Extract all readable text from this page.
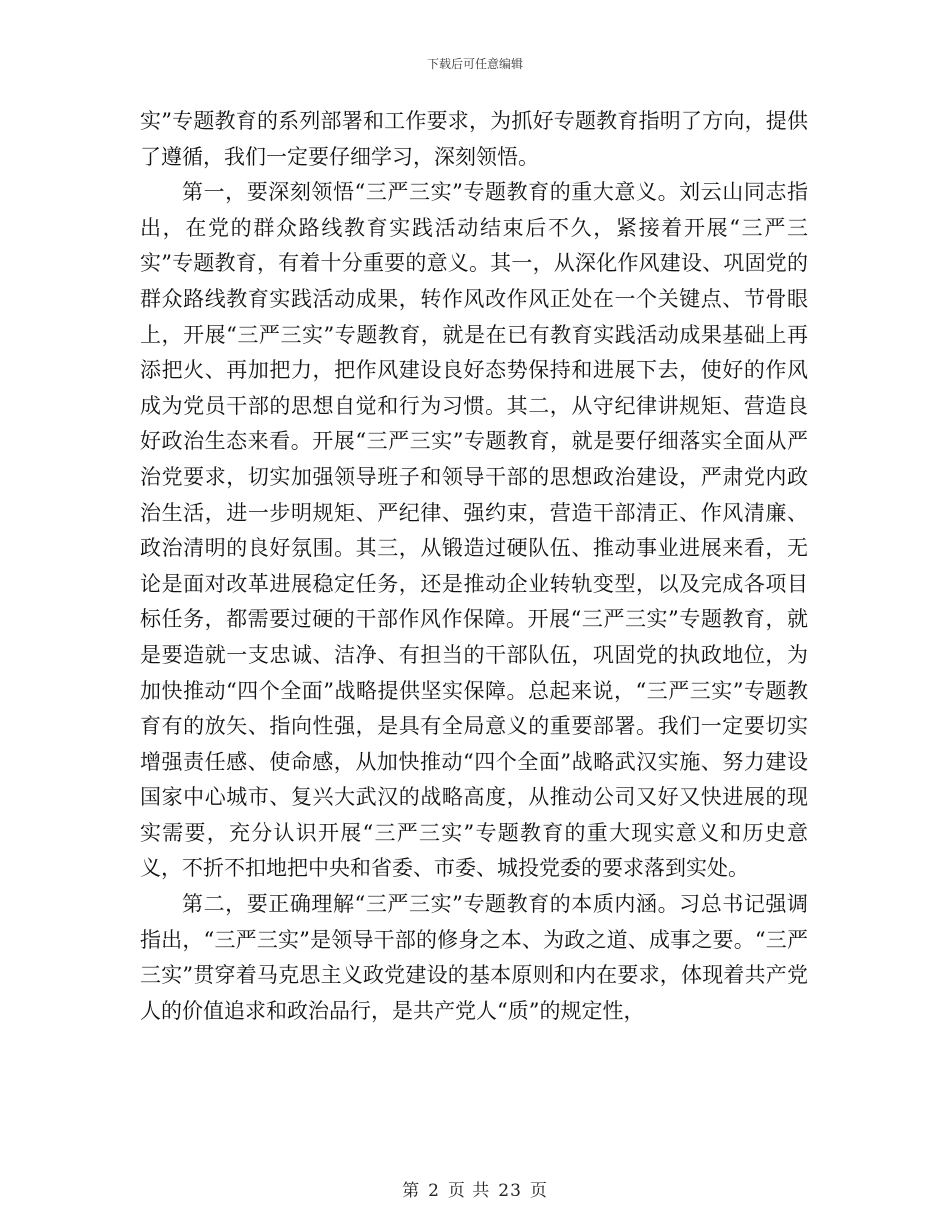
下载后可任意编辑

实”专题教育的系列部署和工作要求，为抓好专题教育指明了方向，提供了遵循，我们一定要仔细学习，深刻领悟。

第一，要深刻领悟“三严三实”专题教育的重大意义。刘云山同志指出，在党的群众路线教育实践活动结束后不久，紧接着开展“三严三实”专题教育，有着十分重要的意义。其一，从深化作风建设、巩固党的群众路线教育实践活动成果，转作风改作风正处在一个关键点、节骨眼上，开展“三严三实”专题教育，就是在已有教育实践活动成果基础上再添把火、再加把力，把作风建设良好态势保持和进展下去，使好的作风成为党员干部的思想自觉和行为习惯。其二，从守纪律讲规矩、营造良好政治生态来看。开展“三严三实”专题教育，就是要仔细落实全面从严治党要求，切实加强领导班子和领导干部的思想政治建设，严肃党内政治生活，进一步明规矩、严纪律、强约束，营造干部清正、作风清廉、政治清明的良好氛围。其三，从锻造过硬队伍、推动事业进展来看，无论是面对改革进展稳定任务，还是推动企业转轨变型，以及完成各项目标任务，都需要过硬的干部作风作保障。开展“三严三实”专题教育，就是要造就一支忠诚、洁净、有担当的干部队伍，巩固党的执政地位，为加快推动“四个全面”战略提供坚实保障。总起来说，“三严三实”专题教育有的放矢、指向性强，是具有全局意义的重要部署。我们一定要切实增强责任感、使命感，从加快推动“四个全面”战略武汉实施、努力建设国家中心城市、复兴大武汉的战略高度，从推动公司又好又快进展的现实需要，充分认识开展“三严三实”专题教育的重大现实意义和历史意义，不折不扣地把中央和省委、市委、城投党委的要求落到实处。

第二，要正确理解“三严三实”专题教育的本质内涵。习总书记强调指出，“三严三实”是领导干部的修身之本、为政之道、成事之要。“三严三实”贯穿着马克思主义政党建设的基本原则和内在要求，体现着共产党人的价值追求和政治品行，是共产党人“质”的规定性，

第 2 页 共 23 页
